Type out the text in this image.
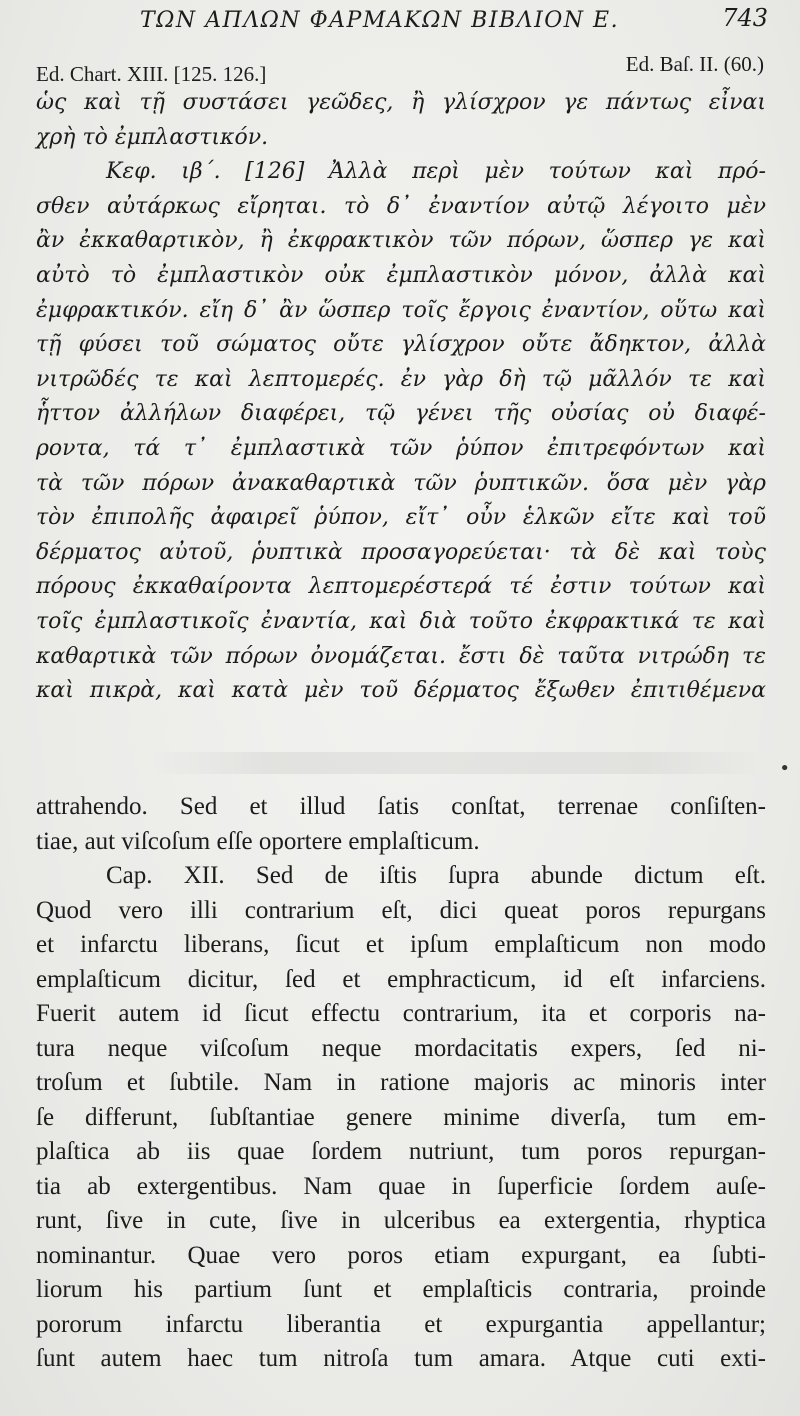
ΤΩΝ ΑΠΛΩΝ ΦΑΡΜΑΚΩΝ ΒΙΒΛΙΟΝ Ε.	743
Ed. Chart. XIII. [125. 126.]	Ed. Baſ. II. (60.)
ὡς καὶ τῇ συστάσει γεῶδες, ἢ γλίσχρον γε πάντως εἶναι
χρὴ τὸ ἐμπλαστικόν.
Κεφ. ιβ΄. [126] Ἀλλὰ περὶ μὲν τούτων καὶ πρό-
σθεν αὐτάρκως εἴρηται. τὸ δ᾽ ἐναντίον αὐτῷ λέγοιτο μὲν
ἂν ἐκκαθαρτικὸν, ἢ ἐκφρακτικὸν τῶν πόρων, ὥσπερ γε καὶ
αὐτὸ τὸ ἐμπλαστικὸν οὐκ ἐμπλαστικὸν μόνον, ἀλλὰ καὶ
ἐμφρακτικόν. εἴη δ᾽ ἂν ὥσπερ τοῖς ἔργοις ἐναντίον, οὕτω καὶ
τῇ φύσει τοῦ σώματος οὔτε γλίσχρον οὔτε ἄδηκτον, ἀλλὰ
νιτρῶδές τε καὶ λεπτομερές. ἐν γὰρ δὴ τῷ μᾶλλόν τε καὶ
ἧττον ἀλλήλων διαφέρει, τῷ γένει τῆς οὐσίας οὐ διαφέ-
ροντα, τά τ᾽ ἐμπλαστικὰ τῶν ῥύπον ἐπιτρεφόντων καὶ
τὰ τῶν πόρων ἀνακαθαρτικὰ τῶν ῥυπτικῶν. ὅσα μὲν γὰρ
τὸν ἐπιπολῆς ἀφαιρεῖ ῥύπον, εἴτ᾽ οὖν ἑλκῶν εἴτε καὶ τοῦ
δέρματος αὐτοῦ, ῥυπτικὰ προσαγορεύεται· τὰ δὲ καὶ τοὺς
πόρους ἐκκαθαίροντα λεπτομερέστερά τέ ἐστιν τούτων καὶ
τοῖς ἐμπλαστικοῖς ἐναντία, καὶ διὰ τοῦτο ἐκφρακτικά τε καὶ
καθαρτικὰ τῶν πόρων ὀνομάζεται. ἔστι δὲ ταῦτα νιτρώδη τε
καὶ πικρὰ, καὶ κατὰ μὲν τοῦ δέρματος ἔξωθεν ἐπιτιθέμενα
•
attrahendo. Sed et illud ſatis conſtat, terrenae conſiſten-
tiae, aut viſcoſum eſſe oportere emplaſticum.
Cap. XII. Sed de iſtis ſupra abunde dictum eſt.
Quod vero illi contrarium eſt, dici queat poros repurgans
et infarctu liberans, ſicut et ipſum emplaſticum non modo
emplaſticum dicitur, ſed et emphracticum, id eſt infarciens.
Fuerit autem id ſicut effectu contrarium, ita et corporis na-
tura neque viſcoſum neque mordacitatis expers, ſed ni-
troſum et ſubtile. Nam in ratione majoris ac minoris inter
ſe differunt, ſubſtantiae genere minime diverſa, tum em-
plaſtica ab iis quae ſordem nutriunt, tum poros repurgan-
tia ab extergentibus. Nam quae in ſuperficie ſordem auſe-
runt, ſive in cute, ſive in ulceribus ea extergentia, rhyptica
nominantur. Quae vero poros etiam expurgant, ea ſubti-
liorum his partium ſunt et emplaſticis contraria, proinde
pororum infarctu liberantia et expurgantia appellantur;
ſunt autem haec tum nitroſa tum amara. Atque cuti exti-
